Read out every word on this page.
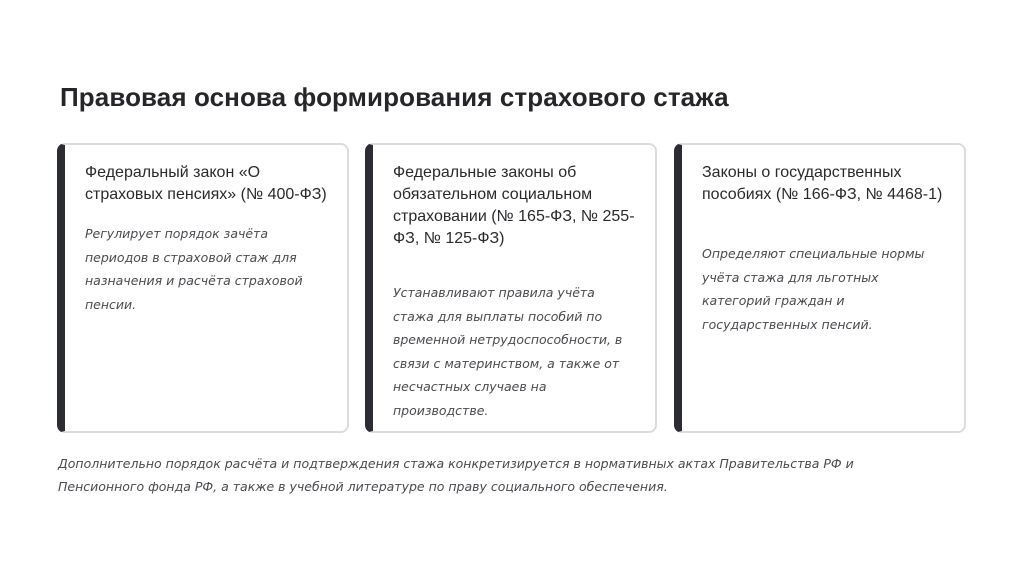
Правовая основа формирования страхового стажа
Федеральный закон «О страховых пенсиях» (№ 400-ФЗ)

Регулирует порядок зачёта периодов в страховой стаж для назначения и расчёта страховой пенсии.

Федеральные законы об обязательном социальном страховании (№ 165-ФЗ, № 255-ФЗ, № 125-ФЗ)

Устанавливают правила учёта стажа для выплаты пособий по временной нетрудоспособности, в связи с материнством, а также от несчастных случаев на производстве.

Законы о государственных пособиях (№ 166-ФЗ, № 4468-1)

Определяют специальные нормы учёта стажа для льготных категорий граждан и государственных пенсий.

Дополнительно порядок расчёта и подтверждения стажа конкретизируется в нормативных актах Правительства РФ и Пенсионного фонда РФ, а также в учебной литературе по праву социального обеспечения.
